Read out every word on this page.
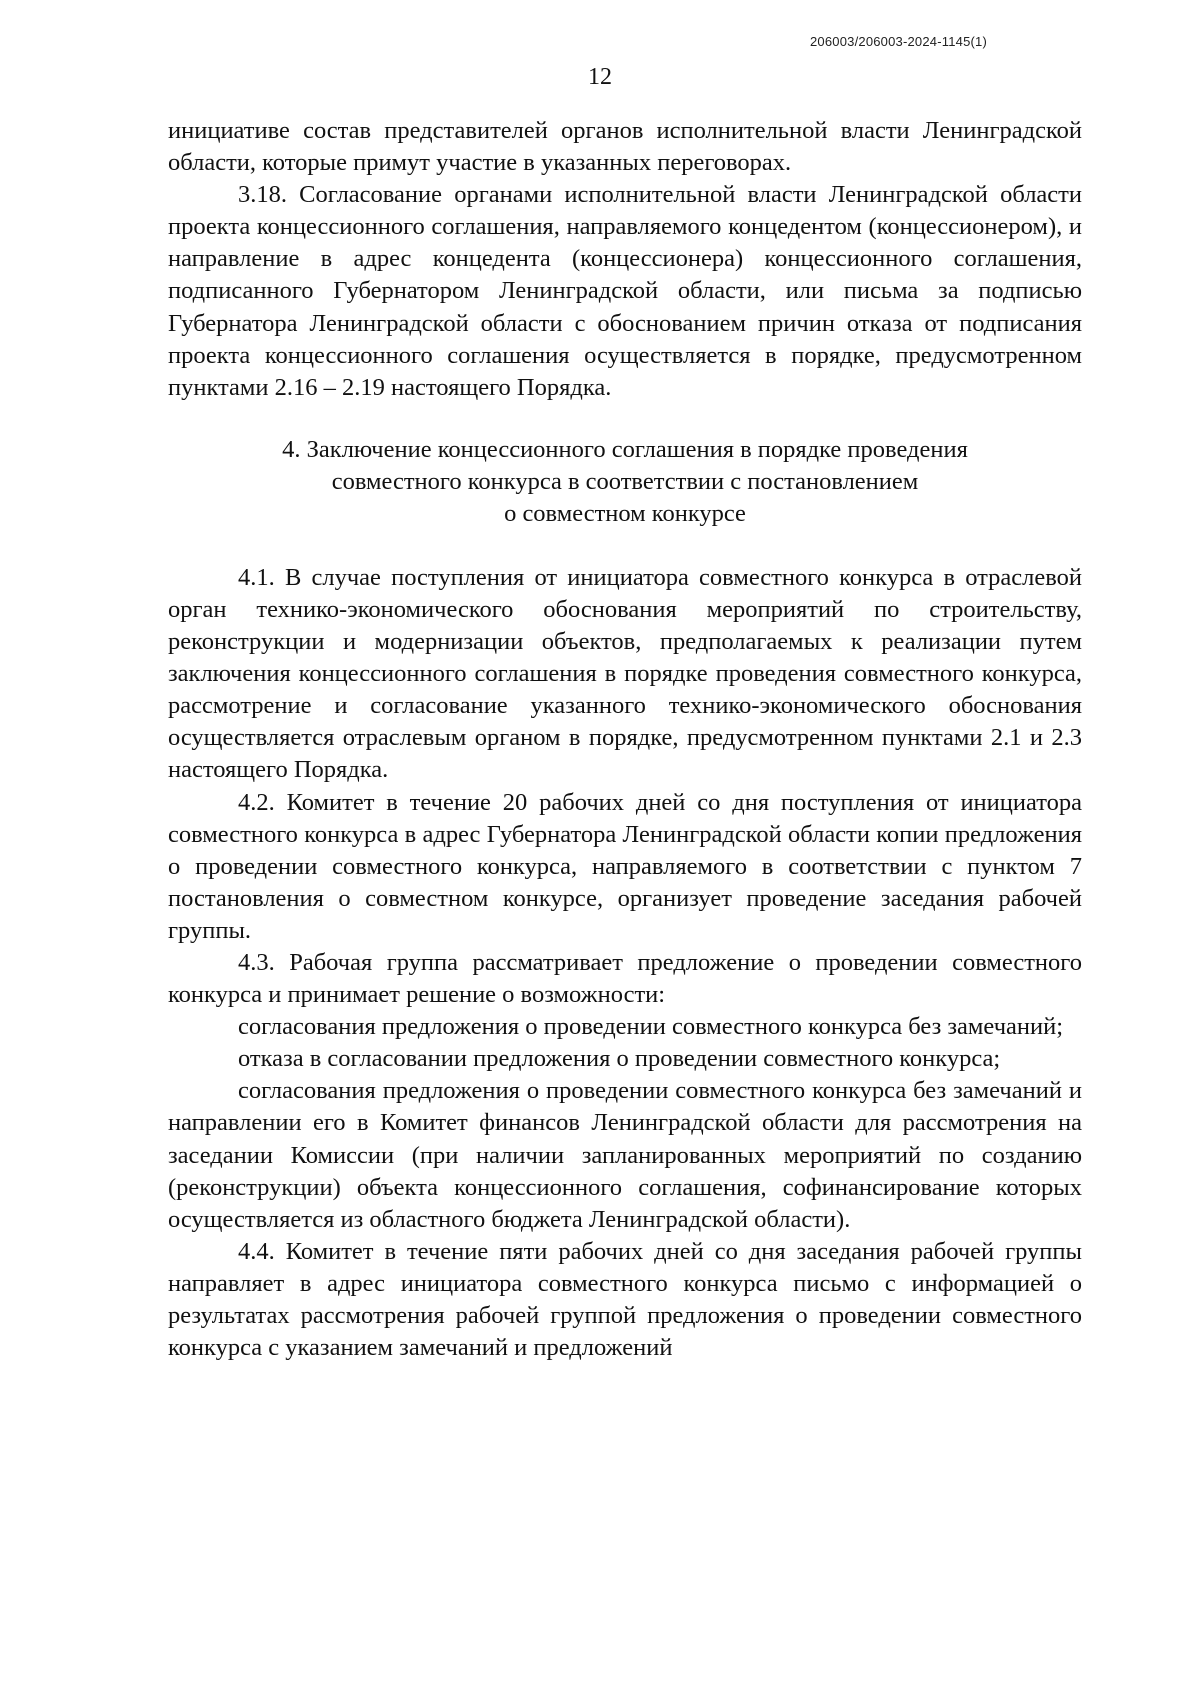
206003/206003-2024-1145(1)
12

инициативе состав представителей органов исполнительной власти Ленинградской области, которые примут участие в указанных переговорах.

3.18. Согласование органами исполнительной власти Ленинградской области проекта концессионного соглашения, направляемого концедентом (концессионером), и направление в адрес концедента (концессионера) концессионного соглашения, подписанного Губернатором Ленинградской области, или письма за подписью Губернатора Ленинградской области с обоснованием причин отказа от подписания проекта концессионного соглашения осуществляется в порядке, предусмотренном пунктами 2.16 – 2.19 настоящего Порядка.

4. Заключение концессионного соглашения в порядке проведения
совместного конкурса в соответствии с постановлением
о совместном конкурсе

4.1. В случае поступления от инициатора совместного конкурса в отраслевой орган технико-экономического обоснования мероприятий по строительству, реконструкции и модернизации объектов, предполагаемых к реализации путем заключения концессионного соглашения в порядке проведения совместного конкурса, рассмотрение и согласование указанного технико-экономического обоснования осуществляется отраслевым органом в порядке, предусмотренном пунктами 2.1 и 2.3 настоящего Порядка.

4.2. Комитет в течение 20 рабочих дней со дня поступления от инициатора совместного конкурса в адрес Губернатора Ленинградской области копии предложения о проведении совместного конкурса, направляемого в соответствии с пунктом 7 постановления о совместном конкурсе, организует проведение заседания рабочей группы.

4.3. Рабочая группа рассматривает предложение о проведении совместного конкурса и принимает решение о возможности:

согласования предложения о проведении совместного конкурса без замечаний;

отказа в согласовании предложения о проведении совместного конкурса;

согласования предложения о проведении совместного конкурса без замечаний и направлении его в Комитет финансов Ленинградской области для рассмотрения на заседании Комиссии (при наличии запланированных мероприятий по созданию (реконструкции) объекта концессионного соглашения, софинансирование которых осуществляется из областного бюджета Ленинградской области).

4.4. Комитет в течение пяти рабочих дней со дня заседания рабочей группы направляет в адрес инициатора совместного конкурса письмо с информацией о результатах рассмотрения рабочей группой предложения о проведении совместного конкурса с указанием замечаний и предложений
